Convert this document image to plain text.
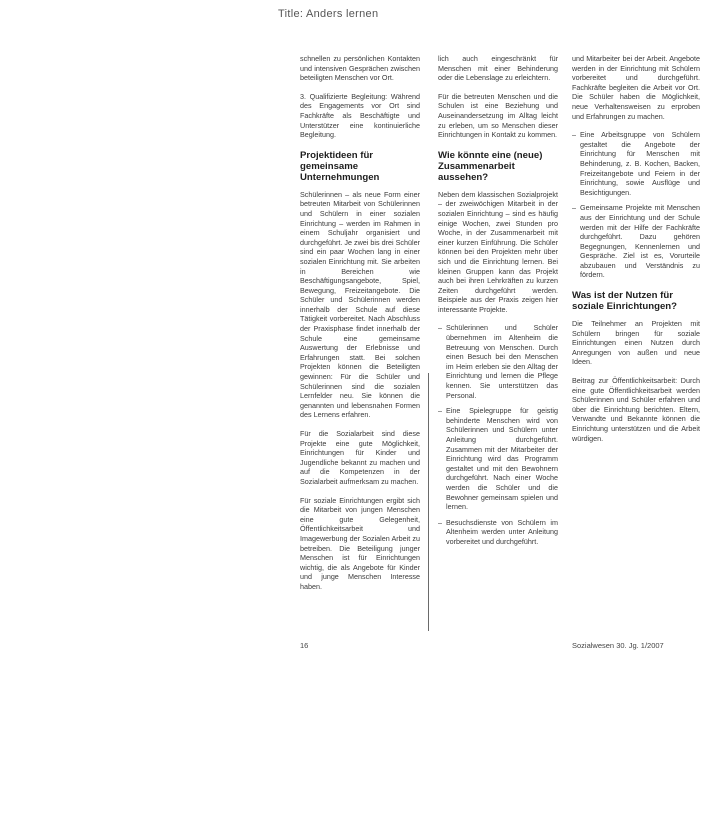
Title: Anders lernen

schnellen zu persönlichen Kontakten und intensiven Gesprächen zwischen beteiligten Menschen vor Ort.

3. Qualifizierte Begleitung: Während des Engagements vor Ort sind Fachkräfte als Beschäftigte und Unterstützer eine kontinuierliche Begleitung.

Projektideen für gemeinsame Unternehmungen

Schülerinnen – als neue Form einer betreuten Mitarbeit von Schülerinnen und Schülern in einer sozialen Einrichtung – werden im Rahmen in einem Schuljahr organisiert und durchgeführt. Je zwei bis drei Schüler sind ein paar Wochen lang in einer sozialen Einrichtung mit. Sie arbeiten in Bereichen wie Beschäftigungsangebote, Spiel, Bewegung, Freizeitangebote. Die Schüler und Schülerinnen werden innerhalb der Schule auf diese Tätigkeit vorbereitet. Nach Abschluss der Praxisphase findet innerhalb der Schule eine gemeinsame Auswertung der Erlebnisse und Erfahrungen statt. Bei solchen Projekten können die Beteiligten gewinnen: Für die Schüler und Schülerinnen sind die sozialen Lernfelder neu. Sie können die genannten und lebensnahen Formen des Lernens erfahren.

Für die Sozialarbeit sind diese Projekte eine gute Möglichkeit, Einrichtungen für Kinder und Jugendliche bekannt zu machen und auf die Kompetenzen in der Sozialarbeit aufmerksam zu machen.

Für soziale Einrichtungen ergibt sich die Mitarbeit von jungen Menschen eine gute Gelegenheit, Öffentlichkeitsarbeit und Imagewerbung der Sozialen Arbeit zu betreiben. Die Beteiligung junger Menschen ist für Einrichtungen wichtig, die als Angebote für Kinder und junge Menschen Interesse haben.

lich auch eingeschränkt für Menschen mit einer Behinderung oder die Lebenslage zu erleichtern.

Für die betreuten Menschen und die Schulen ist eine Beziehung und Auseinandersetzung im Alltag leicht zu erleben, um so Menschen dieser Einrichtungen in Kontakt zu kommen.

Wie könnte eine (neue) Zusammenarbeit aussehen?

Neben dem klassischen Sozialprojekt – der zweiwöchigen Mitarbeit in der sozialen Einrichtung – sind es häufig einige Wochen, zwei Stunden pro Woche, in der Zusammenarbeit mit einer kurzen Einführung. Die Schüler können bei den Projekten mehr über sich und die Einrichtung lernen. Bei kleinen Gruppen kann das Projekt auch bei ihren Lehrkräften zu kurzen Zeiten durchgeführt werden. Beispiele aus der Praxis zeigen hier interessante Projekte.

– Schülerinnen und Schüler übernehmen im Altenheim die Betreuung von Menschen. Durch einen Besuch bei den Menschen im Heim erleben sie den Alltag der Einrichtung und lernen die Pflege kennen. Sie unterstützen das Personal.
– Eine Spielegruppe für geistig behinderte Menschen wird von Schülerinnen und Schülern unter Anleitung durchgeführt. Zusammen mit der Mitarbeiter der Einrichtung wird das Programm gestaltet und mit den Bewohnern durchgeführt. Nach einer Woche werden die Schüler und die Bewohner gemeinsam spielen und lernen.
– Besuchsdienste von Schülern im Altenheim werden unter Anleitung vorbereitet und durchgeführt.

und Mitarbeiter bei der Arbeit. Angebote werden in der Einrichtung mit Schülern vorbereitet und durchgeführt. Fachkräfte begleiten die Arbeit vor Ort. Die Schüler haben die Möglichkeit, neue Verhaltensweisen zu erproben und Erfahrungen zu machen.

– Eine Arbeitsgruppe von Schülern gestaltet die Angebote der Einrichtung für Menschen mit Behinderung, z. B. Kochen, Backen, Freizeitangebote und Feiern in der Einrichtung, sowie Ausflüge und Besichtigungen.
– Gemeinsame Projekte mit Menschen aus der Einrichtung und der Schule werden mit der Hilfe der Fachkräfte durchgeführt. Dazu gehören Begegnungen, Kennenlernen und Gespräche. Ziel ist es, Vorurteile abzubauen und Verständnis zu fördern.
Was ist der Nutzen für soziale Einrichtungen?

Die Teilnehmer an Projekten mit Schülern bringen für soziale Einrichtungen einen Nutzen durch Anregungen von außen und neue Ideen.

Beitrag zur Öffentlichkeitsarbeit: Durch eine gute Öffentlichkeitsarbeit werden Schülerinnen und Schüler erfahren und über die Einrichtung berichten. Eltern, Verwandte und Bekannte können die Einrichtung unterstützen und die Arbeit würdigen.

16	Sozialwesen 30. Jg. 1/2007
